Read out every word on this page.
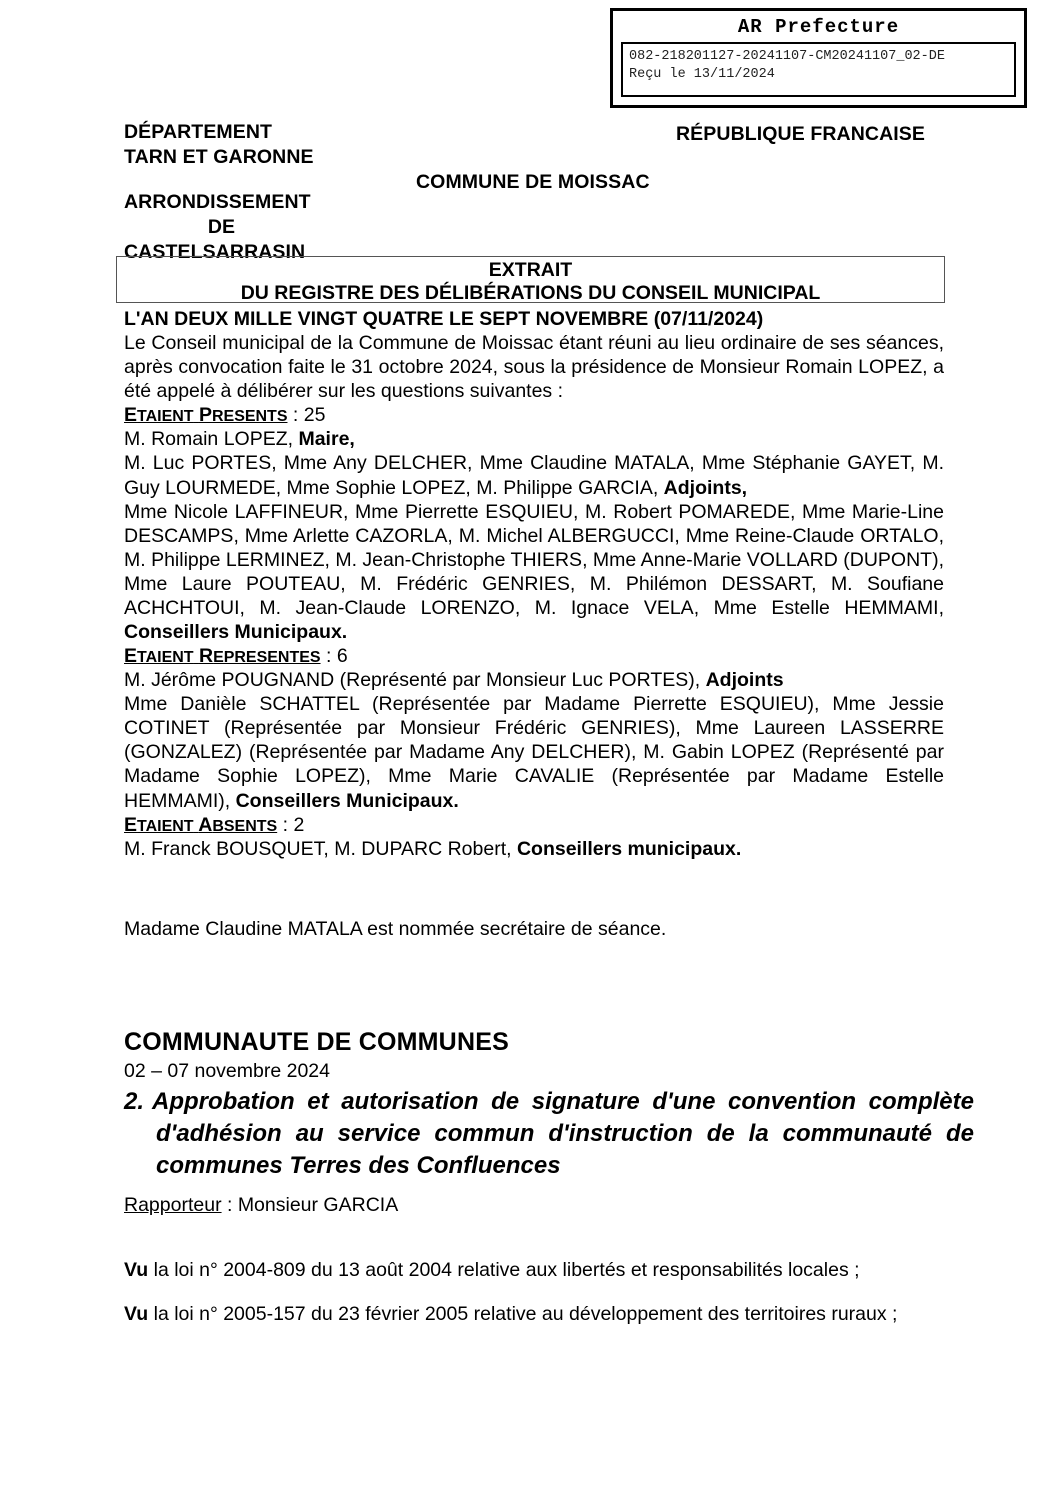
AR Prefecture
082-218201127-20241107-CM20241107_02-DE
Reçu le 13/11/2024
DÉPARTEMENT
TARN ET GARONNE
ARRONDISSEMENT
DE
CASTELSARRASIN
RÉPUBLIQUE FRANCAISE
COMMUNE DE MOISSAC
EXTRAIT
DU REGISTRE DES DÉLIBÉRATIONS DU CONSEIL MUNICIPAL

L'AN DEUX MILLE VINGT QUATRE LE SEPT NOVEMBRE (07/11/2024)

Le Conseil municipal de la Commune de Moissac étant réuni au lieu ordinaire de ses séances, après convocation faite le 31 octobre 2024, sous la présidence de Monsieur Romain LOPEZ, a été appelé à délibérer sur les questions suivantes :

ETAIENT PRESENTS : 25

M. Romain LOPEZ, Maire,

M. Luc PORTES, Mme Any DELCHER, Mme Claudine MATALA, Mme Stéphanie GAYET, M. Guy LOURMEDE, Mme Sophie LOPEZ, M. Philippe GARCIA, Adjoints,

Mme Nicole LAFFINEUR, Mme Pierrette ESQUIEU, M. Robert POMAREDE, Mme Marie-Line DESCAMPS, Mme Arlette CAZORLA, M. Michel ALBERGUCCI, Mme Reine-Claude ORTALO, M. Philippe LERMINEZ, M. Jean-Christophe THIERS, Mme Anne-Marie VOLLARD (DUPONT), Mme Laure POUTEAU, M. Frédéric GENRIES, M. Philémon DESSART, M. Soufiane ACHCHTOUI, M. Jean-Claude LORENZO, M. Ignace VELA, Mme Estelle HEMMAMI, Conseillers Municipaux.

ETAIENT REPRESENTES : 6

M. Jérôme POUGNAND (Représenté par Monsieur Luc PORTES), Adjoints

Mme Danièle SCHATTEL (Représentée par Madame Pierrette ESQUIEU), Mme Jessie COTINET (Représentée par Monsieur Frédéric GENRIES), Mme Laureen LASSERRE (GONZALEZ) (Représentée par Madame Any DELCHER), M. Gabin LOPEZ (Représenté par Madame Sophie LOPEZ), Mme Marie CAVALIE (Représentée par Madame Estelle HEMMAMI), Conseillers Municipaux.

ETAIENT ABSENTS : 2

M. Franck BOUSQUET, M. DUPARC Robert, Conseillers municipaux.

Madame Claudine MATALA est nommée secrétaire de séance.
COMMUNAUTE DE COMMUNES
02 – 07 novembre 2024
2. Approbation et autorisation de signature d'une convention complète d'adhésion au service commun d'instruction de la communauté de communes Terres des Confluences
Rapporteur : Monsieur GARCIA
Vu la loi n° 2004-809 du 13 août 2004 relative aux libertés et responsabilités locales ;
Vu la loi n° 2005-157 du 23 février 2005 relative au développement des territoires ruraux ;
